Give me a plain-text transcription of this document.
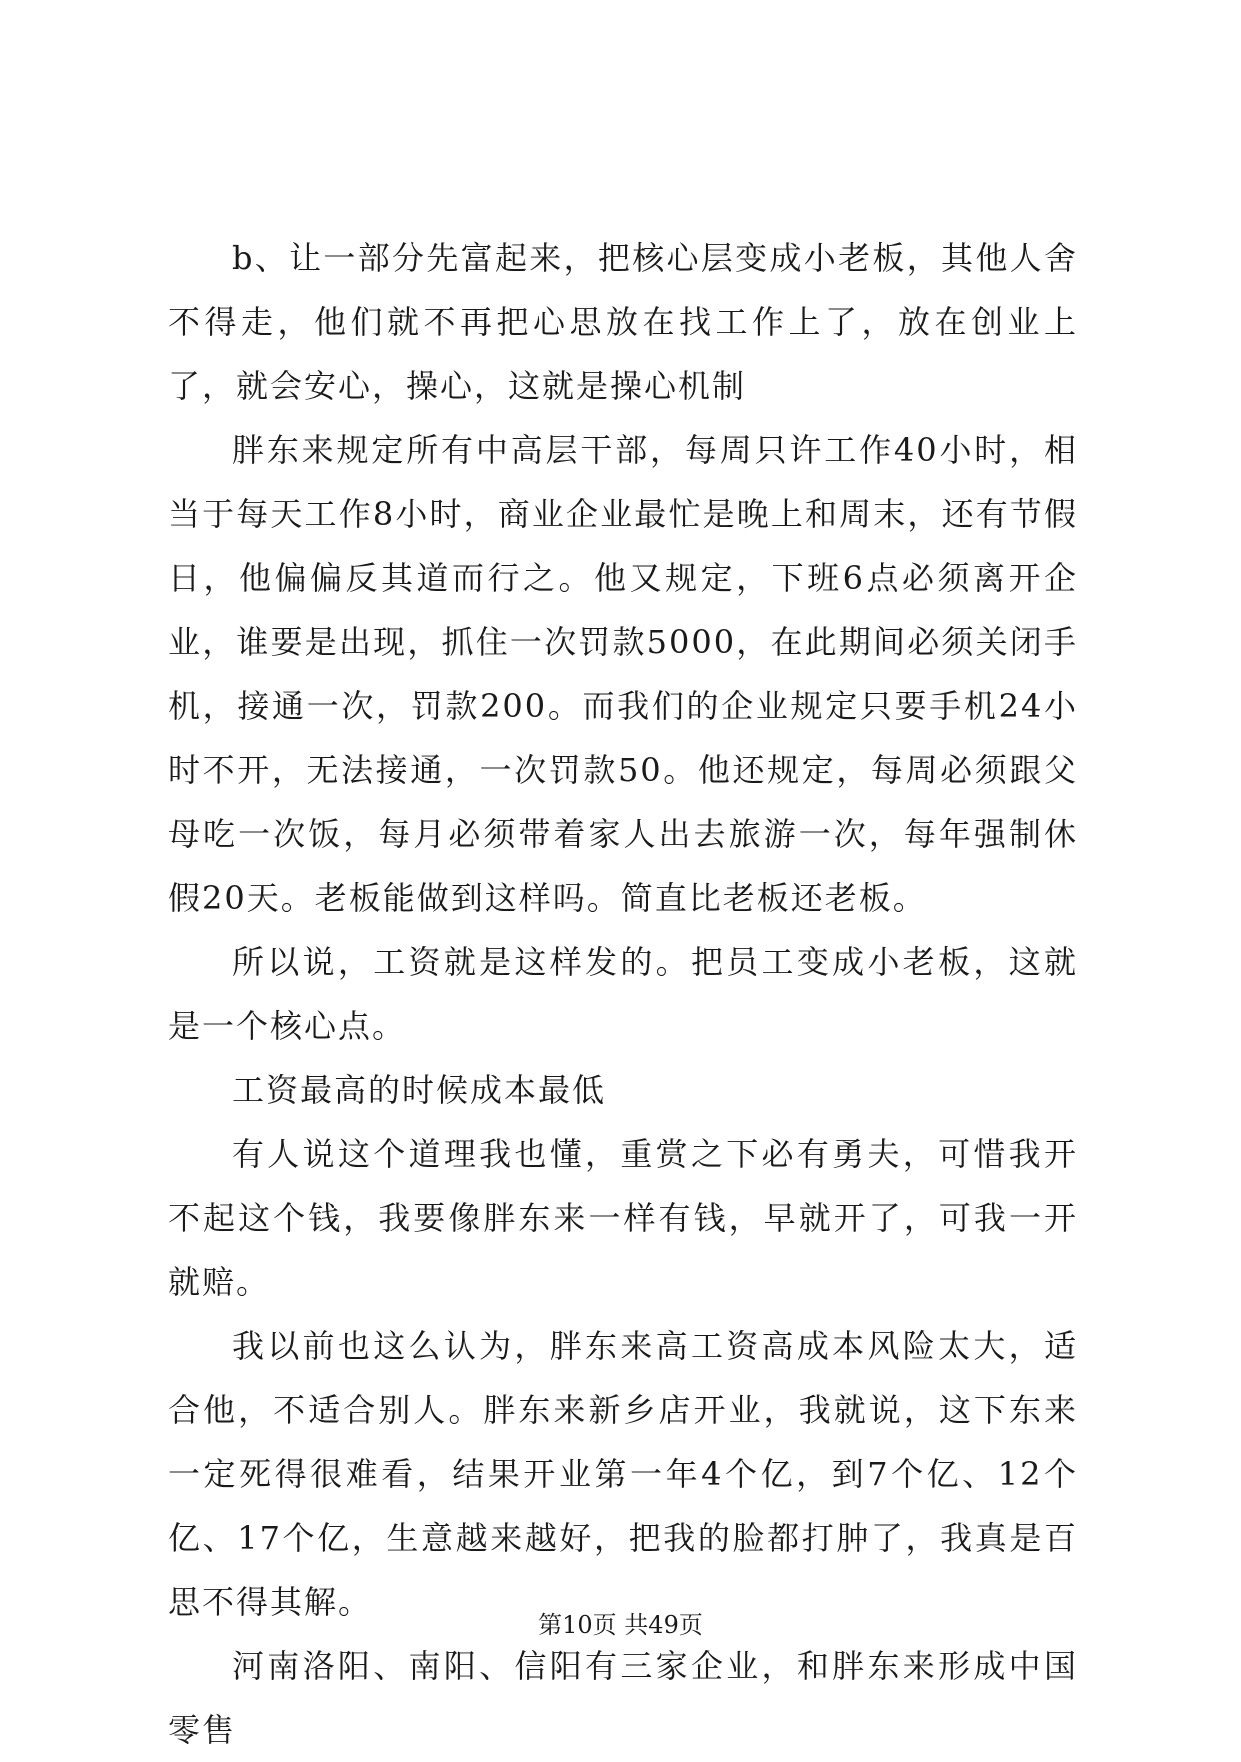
b、让一部分先富起来，把核心层变成小老板，其他人舍不得走，他们就不再把心思放在找工作上了，放在创业上了，就会安心，操心，这就是操心机制

胖东来规定所有中高层干部，每周只许工作40小时，相当于每天工作8小时，商业企业最忙是晚上和周末，还有节假日，他偏偏反其道而行之。他又规定，下班6点必须离开企业，谁要是出现，抓住一次罚款5000，在此期间必须关闭手机，接通一次，罚款200。而我们的企业规定只要手机24小时不开，无法接通，一次罚款50。他还规定，每周必须跟父母吃一次饭，每月必须带着家人出去旅游一次，每年强制休假20天。老板能做到这样吗。简直比老板还老板。

所以说，工资就是这样发的。把员工变成小老板，这就是一个核心点。

工资最高的时候成本最低

有人说这个道理我也懂，重赏之下必有勇夫，可惜我开不起这个钱，我要像胖东来一样有钱，早就开了，可我一开就赔。

我以前也这么认为，胖东来高工资高成本风险太大，适合他，不适合别人。胖东来新乡店开业，我就说，这下东来一定死得很难看，结果开业第一年4个亿，到7个亿、12个亿、17个亿，生意越来越好，把我的脸都打肿了，我真是百思不得其解。

河南洛阳、南阳、信阳有三家企业，和胖东来形成中国零售

第10页 共49页
